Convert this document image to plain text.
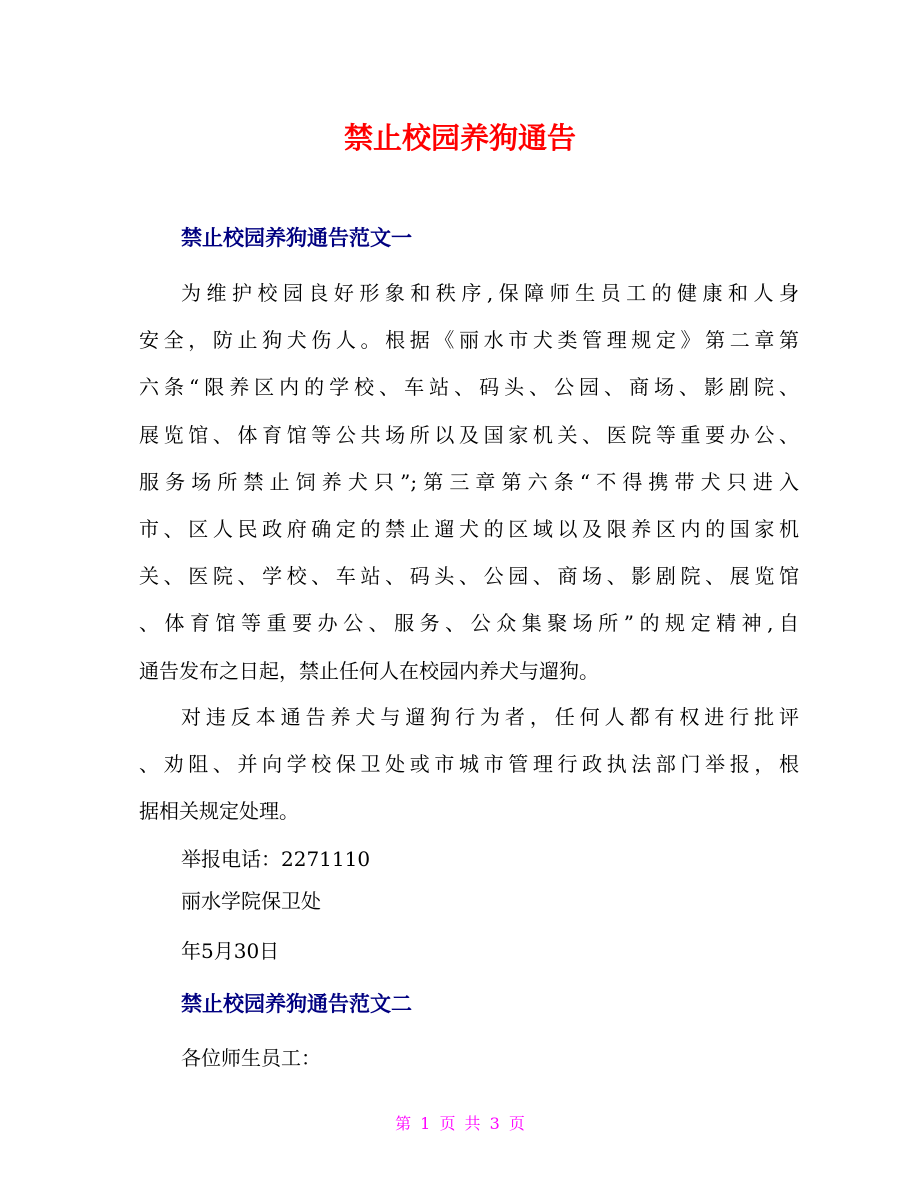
禁止校园养狗通告
禁止校园养狗通告范文一
为维护校园良好形象和秩序,保障师生员工的健康和人身
安全，防止狗犬伤人。根据《丽水市犬类管理规定》第二章第
六条“限养区内的学校、车站、码头、公园、商场、影剧院、
展览馆、体育馆等公共场所以及国家机关、医院等重要办公、
服务场所禁止饲养犬只”;第三章第六条“不得携带犬只进入
市、区人民政府确定的禁止遛犬的区域以及限养区内的国家机
关、医院、学校、车站、码头、公园、商场、影剧院、展览馆
、体育馆等重要办公、服务、公众集聚场所”的规定精神,自
通告发布之日起，禁止任何人在校园内养犬与遛狗。
对违反本通告养犬与遛狗行为者，任何人都有权进行批评
、劝阻、并向学校保卫处或市城市管理行政执法部门举报，根
据相关规定处理。
举报电话：2271110
丽水学院保卫处
年5月30日
禁止校园养狗通告范文二
各位师生员工：
第 1 页 共 3 页
